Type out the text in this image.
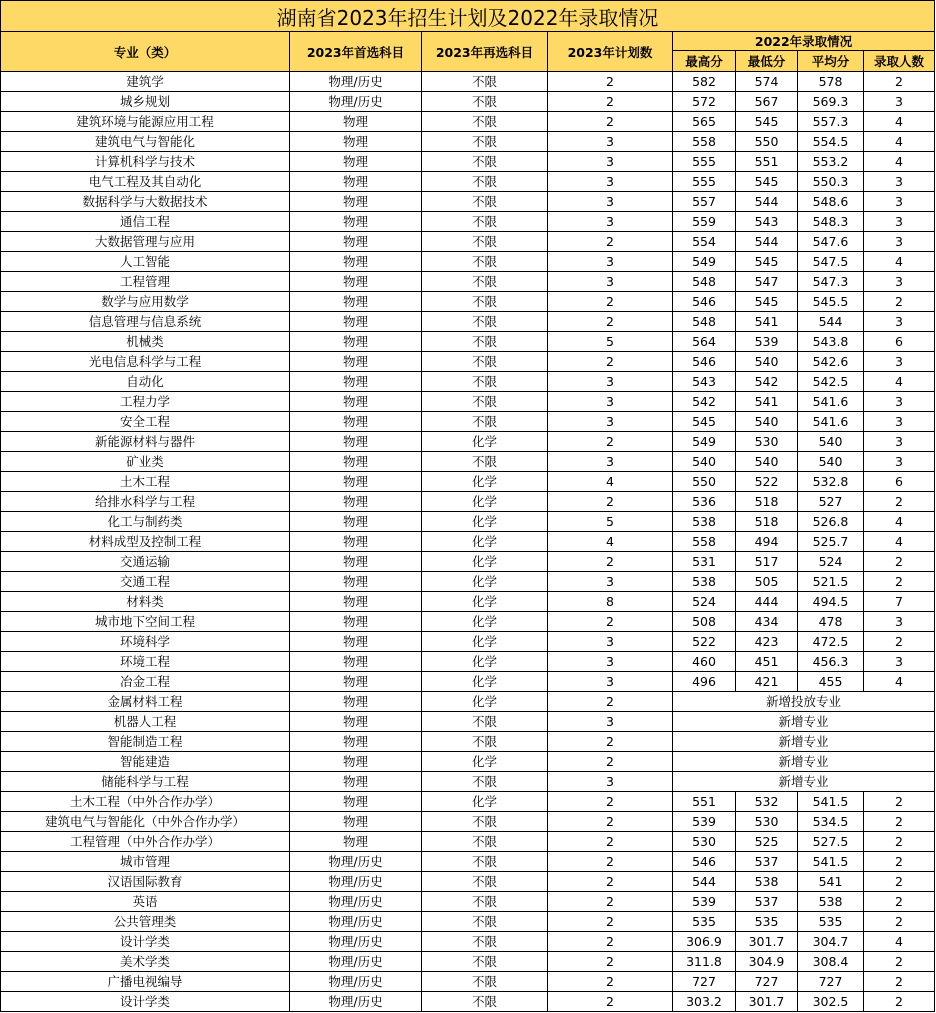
湖南省2023年招生计划及2022年录取情况							
专业（类）	2023年首选科目	2023年再选科目	2023年计划数	2022年录取情况			
				最高分	最低分	平均分	录取人数
建筑学	物理/历史	不限	2	582	574	578	2
城乡规划	物理/历史	不限	2	572	567	569.3	3
建筑环境与能源应用工程	物理	不限	2	565	545	557.3	4
建筑电气与智能化	物理	不限	3	558	550	554.5	4
计算机科学与技术	物理	不限	3	555	551	553.2	4
电气工程及其自动化	物理	不限	3	555	545	550.3	3
数据科学与大数据技术	物理	不限	3	557	544	548.6	3
通信工程	物理	不限	3	559	543	548.3	3
大数据管理与应用	物理	不限	2	554	544	547.6	3
人工智能	物理	不限	3	549	545	547.5	4
工程管理	物理	不限	3	548	547	547.3	3
数学与应用数学	物理	不限	2	546	545	545.5	2
信息管理与信息系统	物理	不限	2	548	541	544	3
机械类	物理	不限	5	564	539	543.8	6
光电信息科学与工程	物理	不限	2	546	540	542.6	3
自动化	物理	不限	3	543	542	542.5	4
工程力学	物理	不限	3	542	541	541.6	3
安全工程	物理	不限	3	545	540	541.6	3
新能源材料与器件	物理	化学	2	549	530	540	3
矿业类	物理	不限	3	540	540	540	3
土木工程	物理	化学	4	550	522	532.8	6
给排水科学与工程	物理	化学	2	536	518	527	2
化工与制药类	物理	化学	5	538	518	526.8	4
材料成型及控制工程	物理	化学	4	558	494	525.7	4
交通运输	物理	化学	2	531	517	524	2
交通工程	物理	化学	3	538	505	521.5	2
材料类	物理	化学	8	524	444	494.5	7
城市地下空间工程	物理	化学	2	508	434	478	3
环境科学	物理	化学	3	522	423	472.5	2
环境工程	物理	化学	3	460	451	456.3	3
冶金工程	物理	化学	3	496	421	455	4
金属材料工程	物理	化学	2	新增投放专业			
机器人工程	物理	不限	3	新增专业			
智能制造工程	物理	不限	2	新增专业			
智能建造	物理	化学	2	新增专业			
储能科学与工程	物理	不限	3	新增专业			
土木工程（中外合作办学）	物理	化学	2	551	532	541.5	2
建筑电气与智能化（中外合作办学）	物理	不限	2	539	530	534.5	2
工程管理（中外合作办学）	物理	不限	2	530	525	527.5	2
城市管理	物理/历史	不限	2	546	537	541.5	2
汉语国际教育	物理/历史	不限	2	544	538	541	2
英语	物理/历史	不限	2	539	537	538	2
公共管理类	物理/历史	不限	2	535	535	535	2
设计学类	物理/历史	不限	2	306.9	301.7	304.7	4
美术学类	物理/历史	不限	2	311.8	304.9	308.4	2
广播电视编导	物理/历史	不限	2	727	727	727	2
设计学类	物理/历史	不限	2	303.2	301.7	302.5	2
